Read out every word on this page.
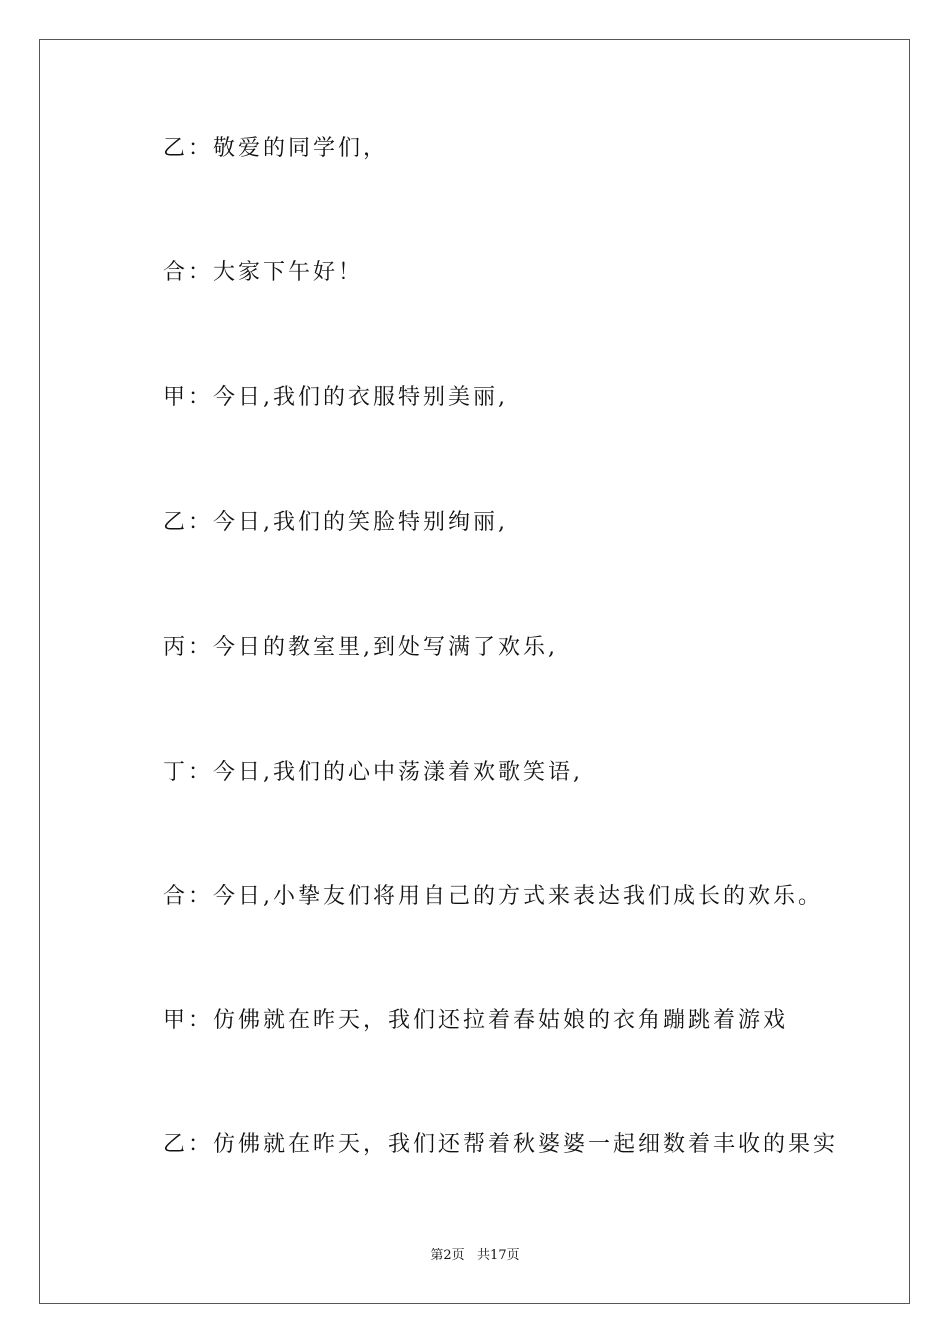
乙：敬爱的同学们，
合：大家下午好！
甲：今日,我们的衣服特别美丽,
乙：今日,我们的笑脸特别绚丽,
丙：今日的教室里,到处写满了欢乐,
丁：今日,我们的心中荡漾着欢歌笑语,
合：今日,小挚友们将用自己的方式来表达我们成长的欢乐。
甲：仿佛就在昨天，我们还拉着春姑娘的衣角蹦跳着游戏
乙：仿佛就在昨天，我们还帮着秋婆婆一起细数着丰收的果实
第2页   共17页
